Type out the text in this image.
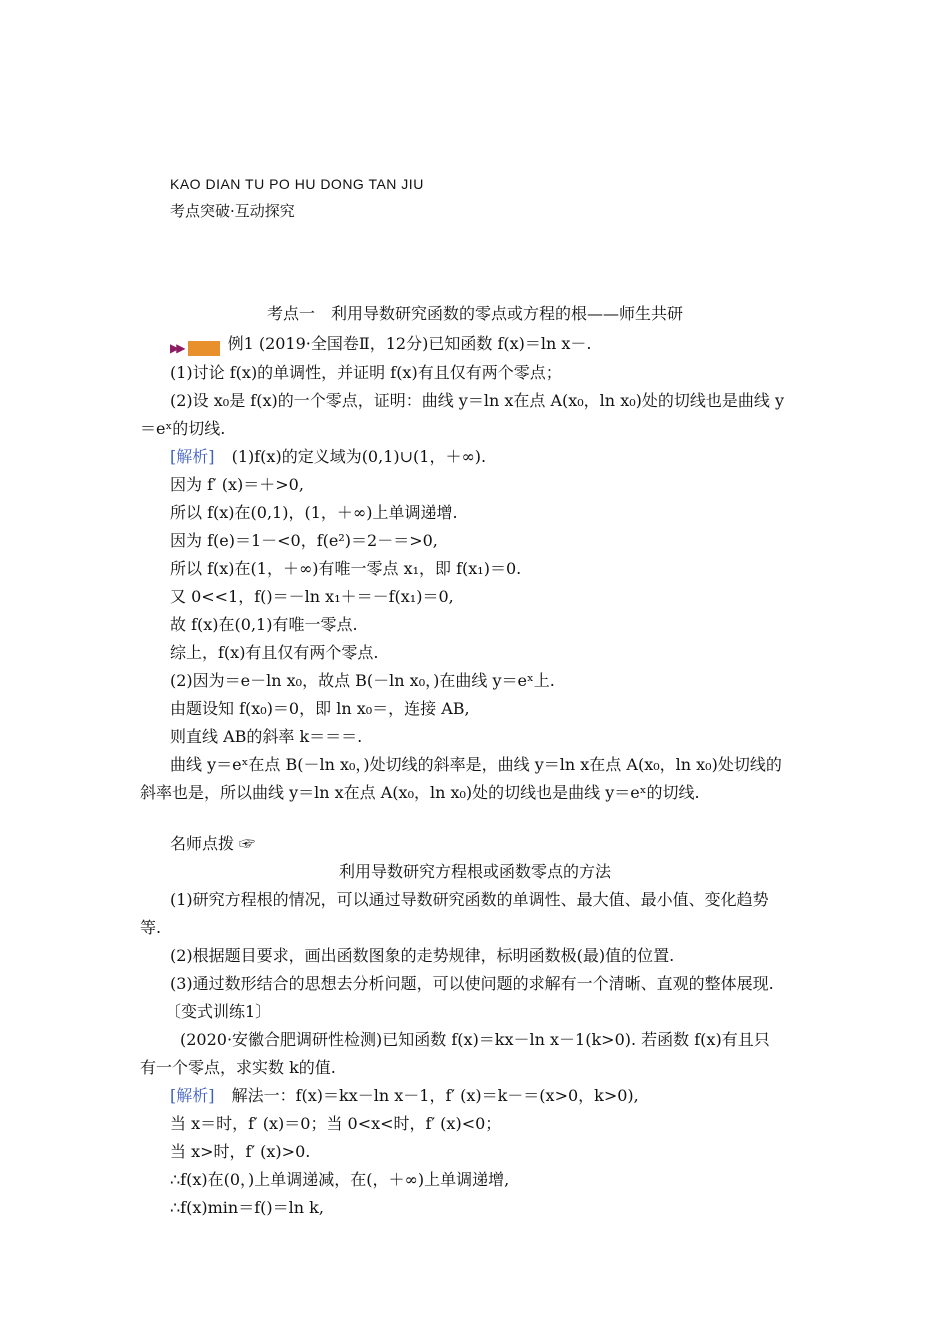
KAO DIAN TU PO HU DONG TAN JIU
考点突破·互动探究
考点一　利用导数研究函数的零点或方程的根——师生共研
▶▶	例1 (2019·全国卷Ⅱ，12分)已知函数 f(x)＝ln x－.
(1)讨论 f(x)的单调性，并证明 f(x)有且仅有两个零点；
(2)设 x₀是 f(x)的一个零点，证明：曲线 y＝ln x在点 A(x₀，ln x₀)处的切线也是曲线 y
＝eˣ的切线.
[解析] (1)f(x)的定义域为(0,1)∪(1，＋∞).
因为 f′ (x)＝＋>0,
所以 f(x)在(0,1)，(1，＋∞)上单调递增.
因为 f(e)＝1－<0，f(e²)＝2－＝>0,
所以 f(x)在(1，＋∞)有唯一零点 x₁，即 f(x₁)＝0.
又 0<<1，f()＝－ln x₁＋＝－f(x₁)＝0,
故 f(x)在(0,1)有唯一零点.
综上，f(x)有且仅有两个零点.
(2)因为＝e－ln x₀，故点 B(－ln x₀，)在曲线 y＝eˣ上.
由题设知 f(x₀)＝0，即 ln x₀＝，连接 AB,
则直线 AB的斜率 k＝＝＝.
曲线 y＝eˣ在点 B(－ln x₀，)处切线的斜率是，曲线 y＝ln x在点 A(x₀，ln x₀)处切线的
斜率也是，所以曲线 y＝ln x在点 A(x₀，ln x₀)处的切线也是曲线 y＝eˣ的切线.
名师点拨 ☞
利用导数研究方程根或函数零点的方法
(1)研究方程根的情况，可以通过导数研究函数的单调性、最大值、最小值、变化趋势
等.
(2)根据题目要求，画出函数图象的走势规律，标明函数极(最)值的位置.
(3)通过数形结合的思想去分析问题，可以使问题的求解有一个清晰、直观的整体展现.
〔变式训练1〕
(2020·安徽合肥调研性检测)已知函数 f(x)＝kx－ln x－1(k>0). 若函数 f(x)有且只
有一个零点，求实数 k的值.
[解析] 解法一：f(x)＝kx－ln x－1，f′ (x)＝k－＝(x>0，k>0),
当 x＝时，f′ (x)＝0；当 0<x<时，f′ (x)<0；
当 x>时，f′ (x)>0.
∴f(x)在(0，)上单调递减，在(，＋∞)上单调递增,
∴f(x)min＝f()＝ln k,
